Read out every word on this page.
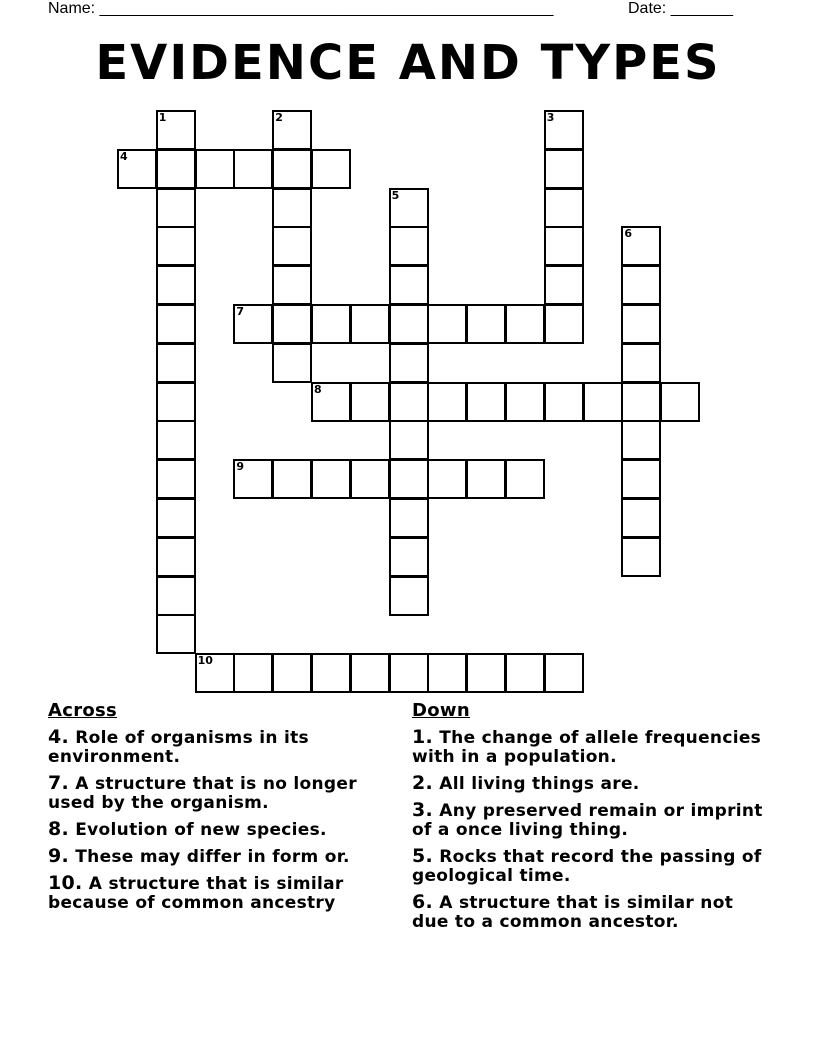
Name: ___________________________________________________	Date: _______
EVIDENCE AND TYPES
1	2	3
4
5
6
7
8
9
10
Across
4. Role of organisms in its environment.
7. A structure that is no longer used by the organism.
8. Evolution of new species.
9. These may differ in form or.
10. A structure that is similar because of common ancestry
Down
1. The change of allele frequencies with in a population.
2. All living things are.
3. Any preserved remain or imprint of a once living thing.
5. Rocks that record the passing of geological time.
6. A structure that is similar not due to a common ancestor.
